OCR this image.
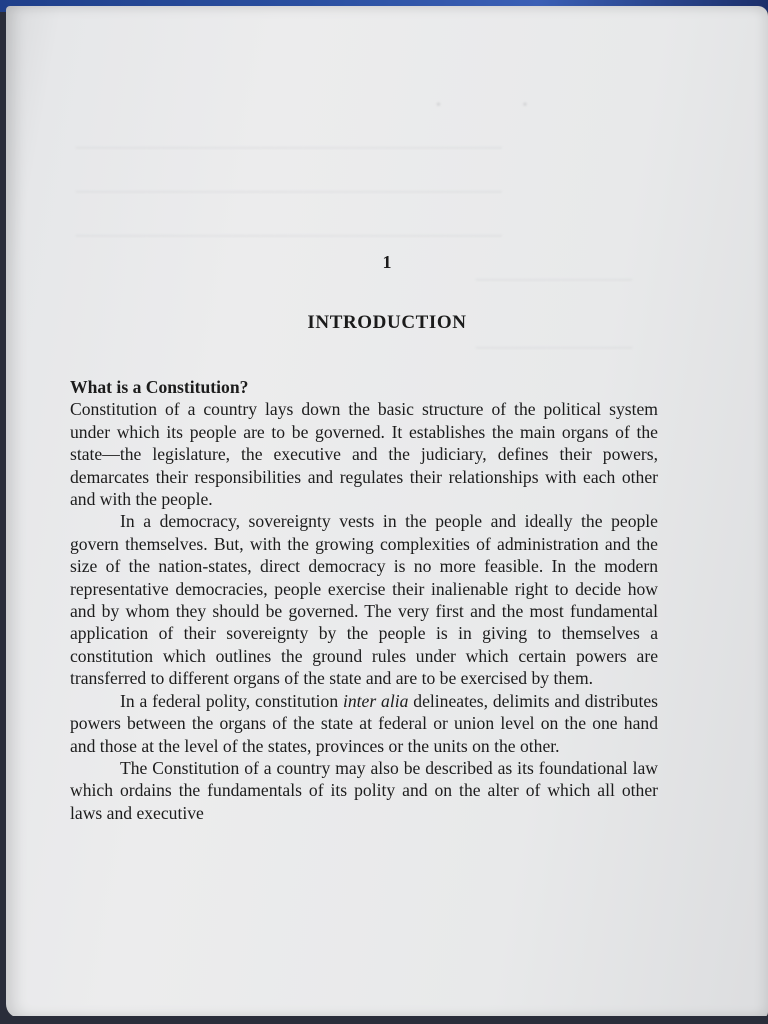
•                      •
——————————————————————————————
——————————————————————————————
——————————————————————————————
———————————
———————————
1
INTRODUCTION

What is a Constitution?

Constitution of a country lays down the basic structure of the political system under which its people are to be governed. It establishes the main organs of the state—the legislature, the executive and the judiciary, defines their powers, demarcates their responsibilities and regulates their relationships with each other and with the people.

In a democracy, sovereignty vests in the people and ideally the people govern themselves. But, with the growing complexities of administration and the size of the nation-states, direct democracy is no more feasible. In the modern representative democracies, people exercise their inalienable right to decide how and by whom they should be governed. The very first and the most fundamental application of their sovereignty by the people is in giving to themselves a constitution which outlines the ground rules under which certain powers are transferred to different organs of the state and are to be exercised by them.

In a federal polity, constitution inter alia delineates, delimits and distributes powers between the organs of the state at federal or union level on the one hand and those at the level of the states, provinces or the units on the other.

The Constitution of a country may also be described as its foundational law which ordains the fundamentals of its polity and on the alter of which all other laws and executive
